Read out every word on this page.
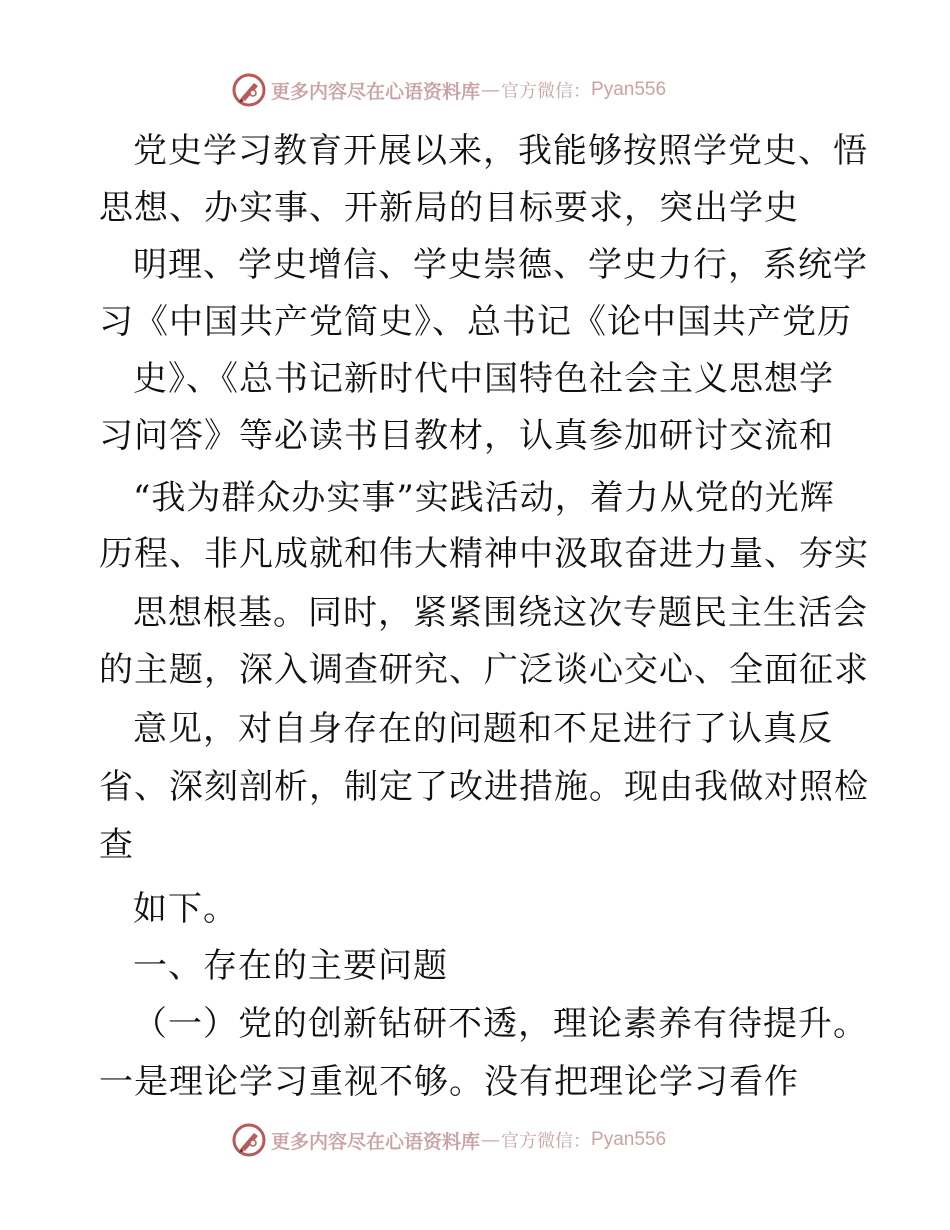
更多内容尽在心语资料库 — 官方微信： Pyan556
党史学习教育开展以来，我能够按照学党史、悟
思想、办实事、开新局的目标要求，突出学史
明理、学史增信、学史崇德、学史力行，系统学
习《中国共产党简史》、总书记《论中国共产党历
史》、《总书记新时代中国特色社会主义思想学
习问答》等必读书目教材，认真参加研讨交流和
“我为群众办实事”实践活动，着力从党的光辉
历程、非凡成就和伟大精神中汲取奋进力量、夯实
思想根基。同时，紧紧围绕这次专题民主生活会
的主题，深入调查研究、广泛谈心交心、全面征求
意见，对自身存在的问题和不足进行了认真反
省、深刻剖析，制定了改进措施。现由我做对照检
查
如下。
一、存在的主要问题
（一）党的创新钻研不透，理论素养有待提升。
一是理论学习重视不够。没有把理论学习看作
更多内容尽在心语资料库 — 官方微信： Pyan556
